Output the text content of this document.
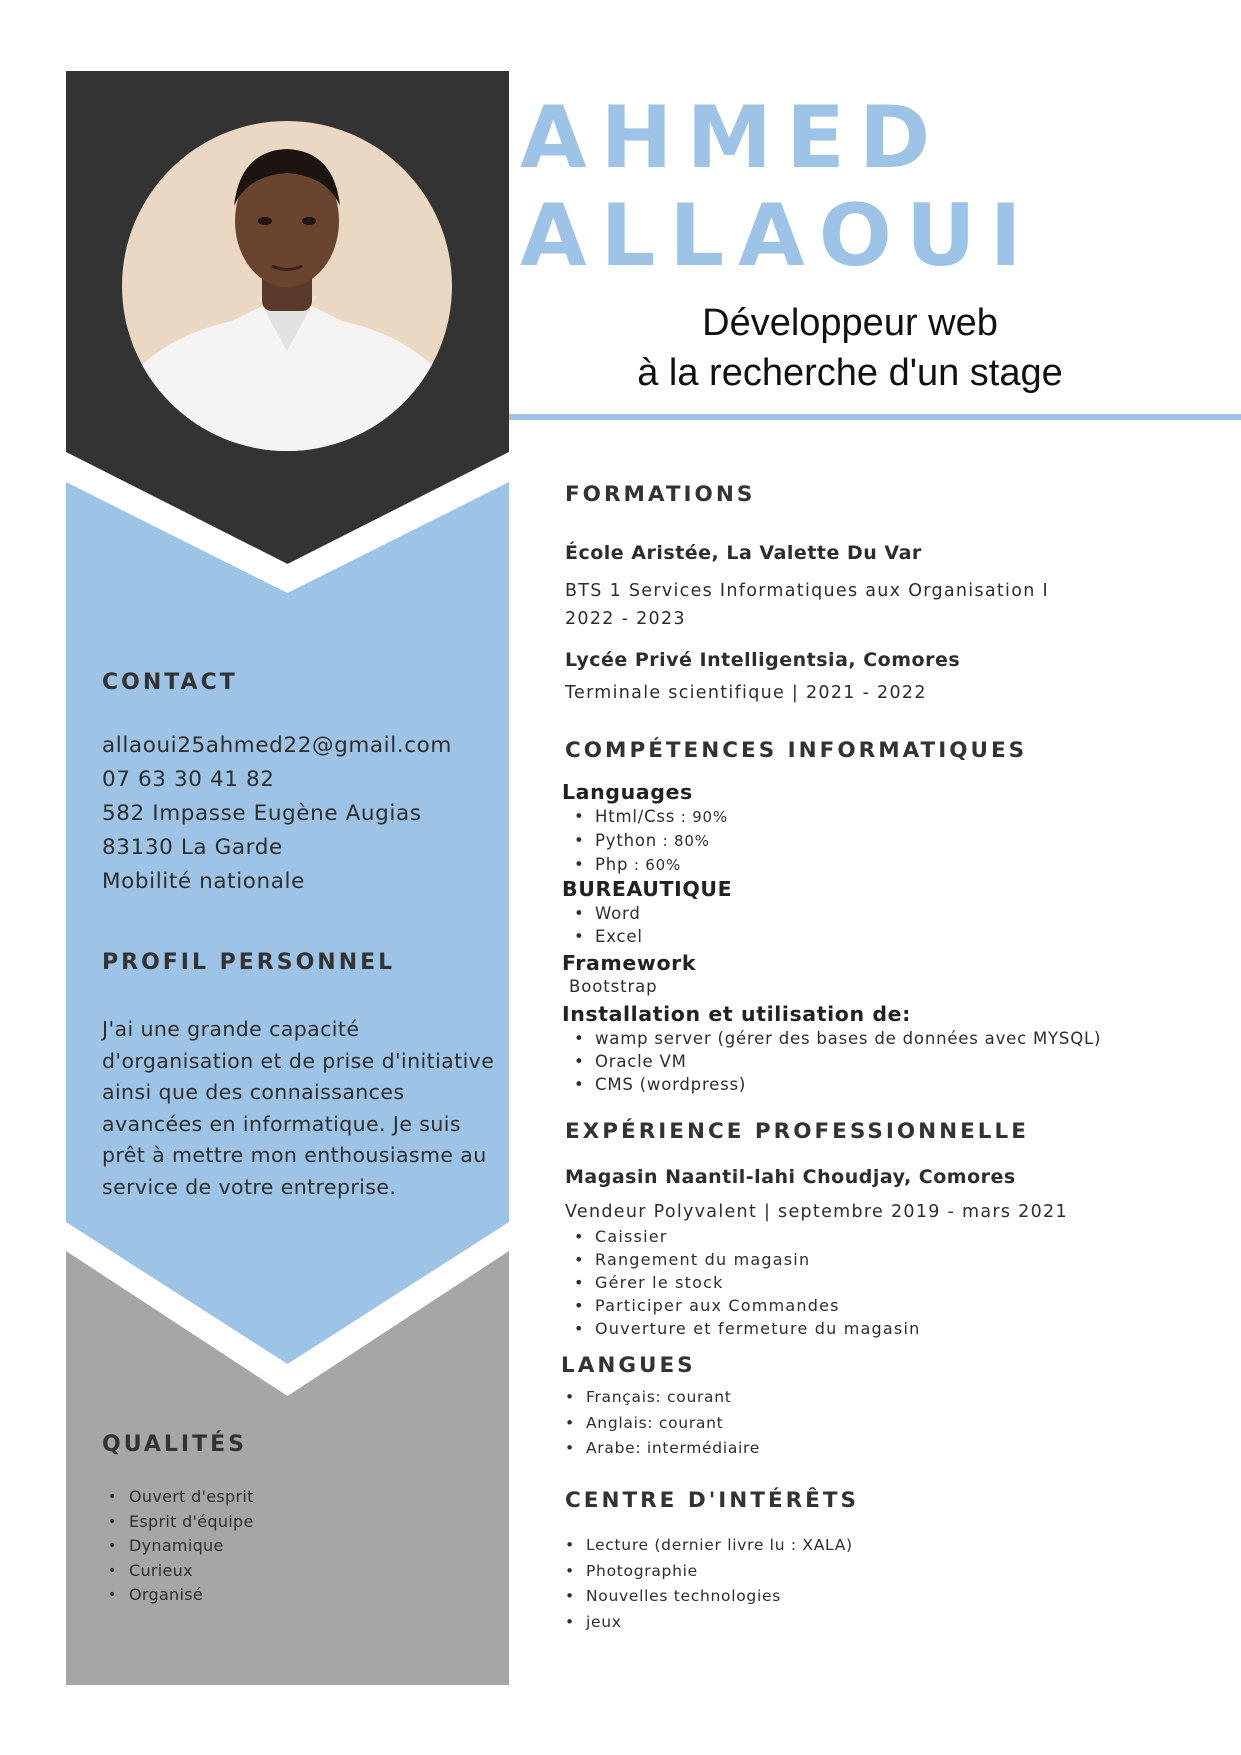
CONTACT
allaoui25ahmed22@gmail.com
07 63 30 41 82
582 Impasse Eugène Augias
83130 La Garde
Mobilité nationale
PROFIL PERSONNEL

J'ai une grande capacité d'organisation et de prise d'initiative ainsi que des connaissances avancées en informatique. Je suis prêt à mettre mon enthousiasme au service de votre entreprise.

QUALITÉS
• Ouvert d'esprit
• Esprit d'équipe
• Dynamique
• Curieux
• Organisé
AHMED
ALLAOUI
Développeur web
à la recherche d'un stage
FORMATIONS
École Aristée, La Valette Du Var
BTS 1 Services Informatiques aux Organisation I
2022 - 2023
Lycée Privé Intelligentsia, Comores
Terminale scientifique | 2021 - 2022
COMPÉTENCES INFORMATIQUES
Languages
• Html/Css : 90%
• Python : 80%
• Php : 60%
BUREAUTIQUE
• Word
• Excel
Framework
Bootstrap
Installation et utilisation de:
• wamp server (gérer des bases de données avec MYSQL)
• Oracle VM
• CMS (wordpress)
EXPÉRIENCE PROFESSIONNELLE
Magasin Naantil-lahi Choudjay, Comores
Vendeur Polyvalent | septembre 2019 - mars 2021
• Caissier
• Rangement du magasin
• Gérer le stock
• Participer aux Commandes
• Ouverture et fermeture du magasin
LANGUES
• Français: courant
• Anglais: courant
• Arabe: intermédiaire
CENTRE D'INTÉRÊTS
• Lecture (dernier livre lu : XALA)
• Photographie
• Nouvelles technologies
• jeux
